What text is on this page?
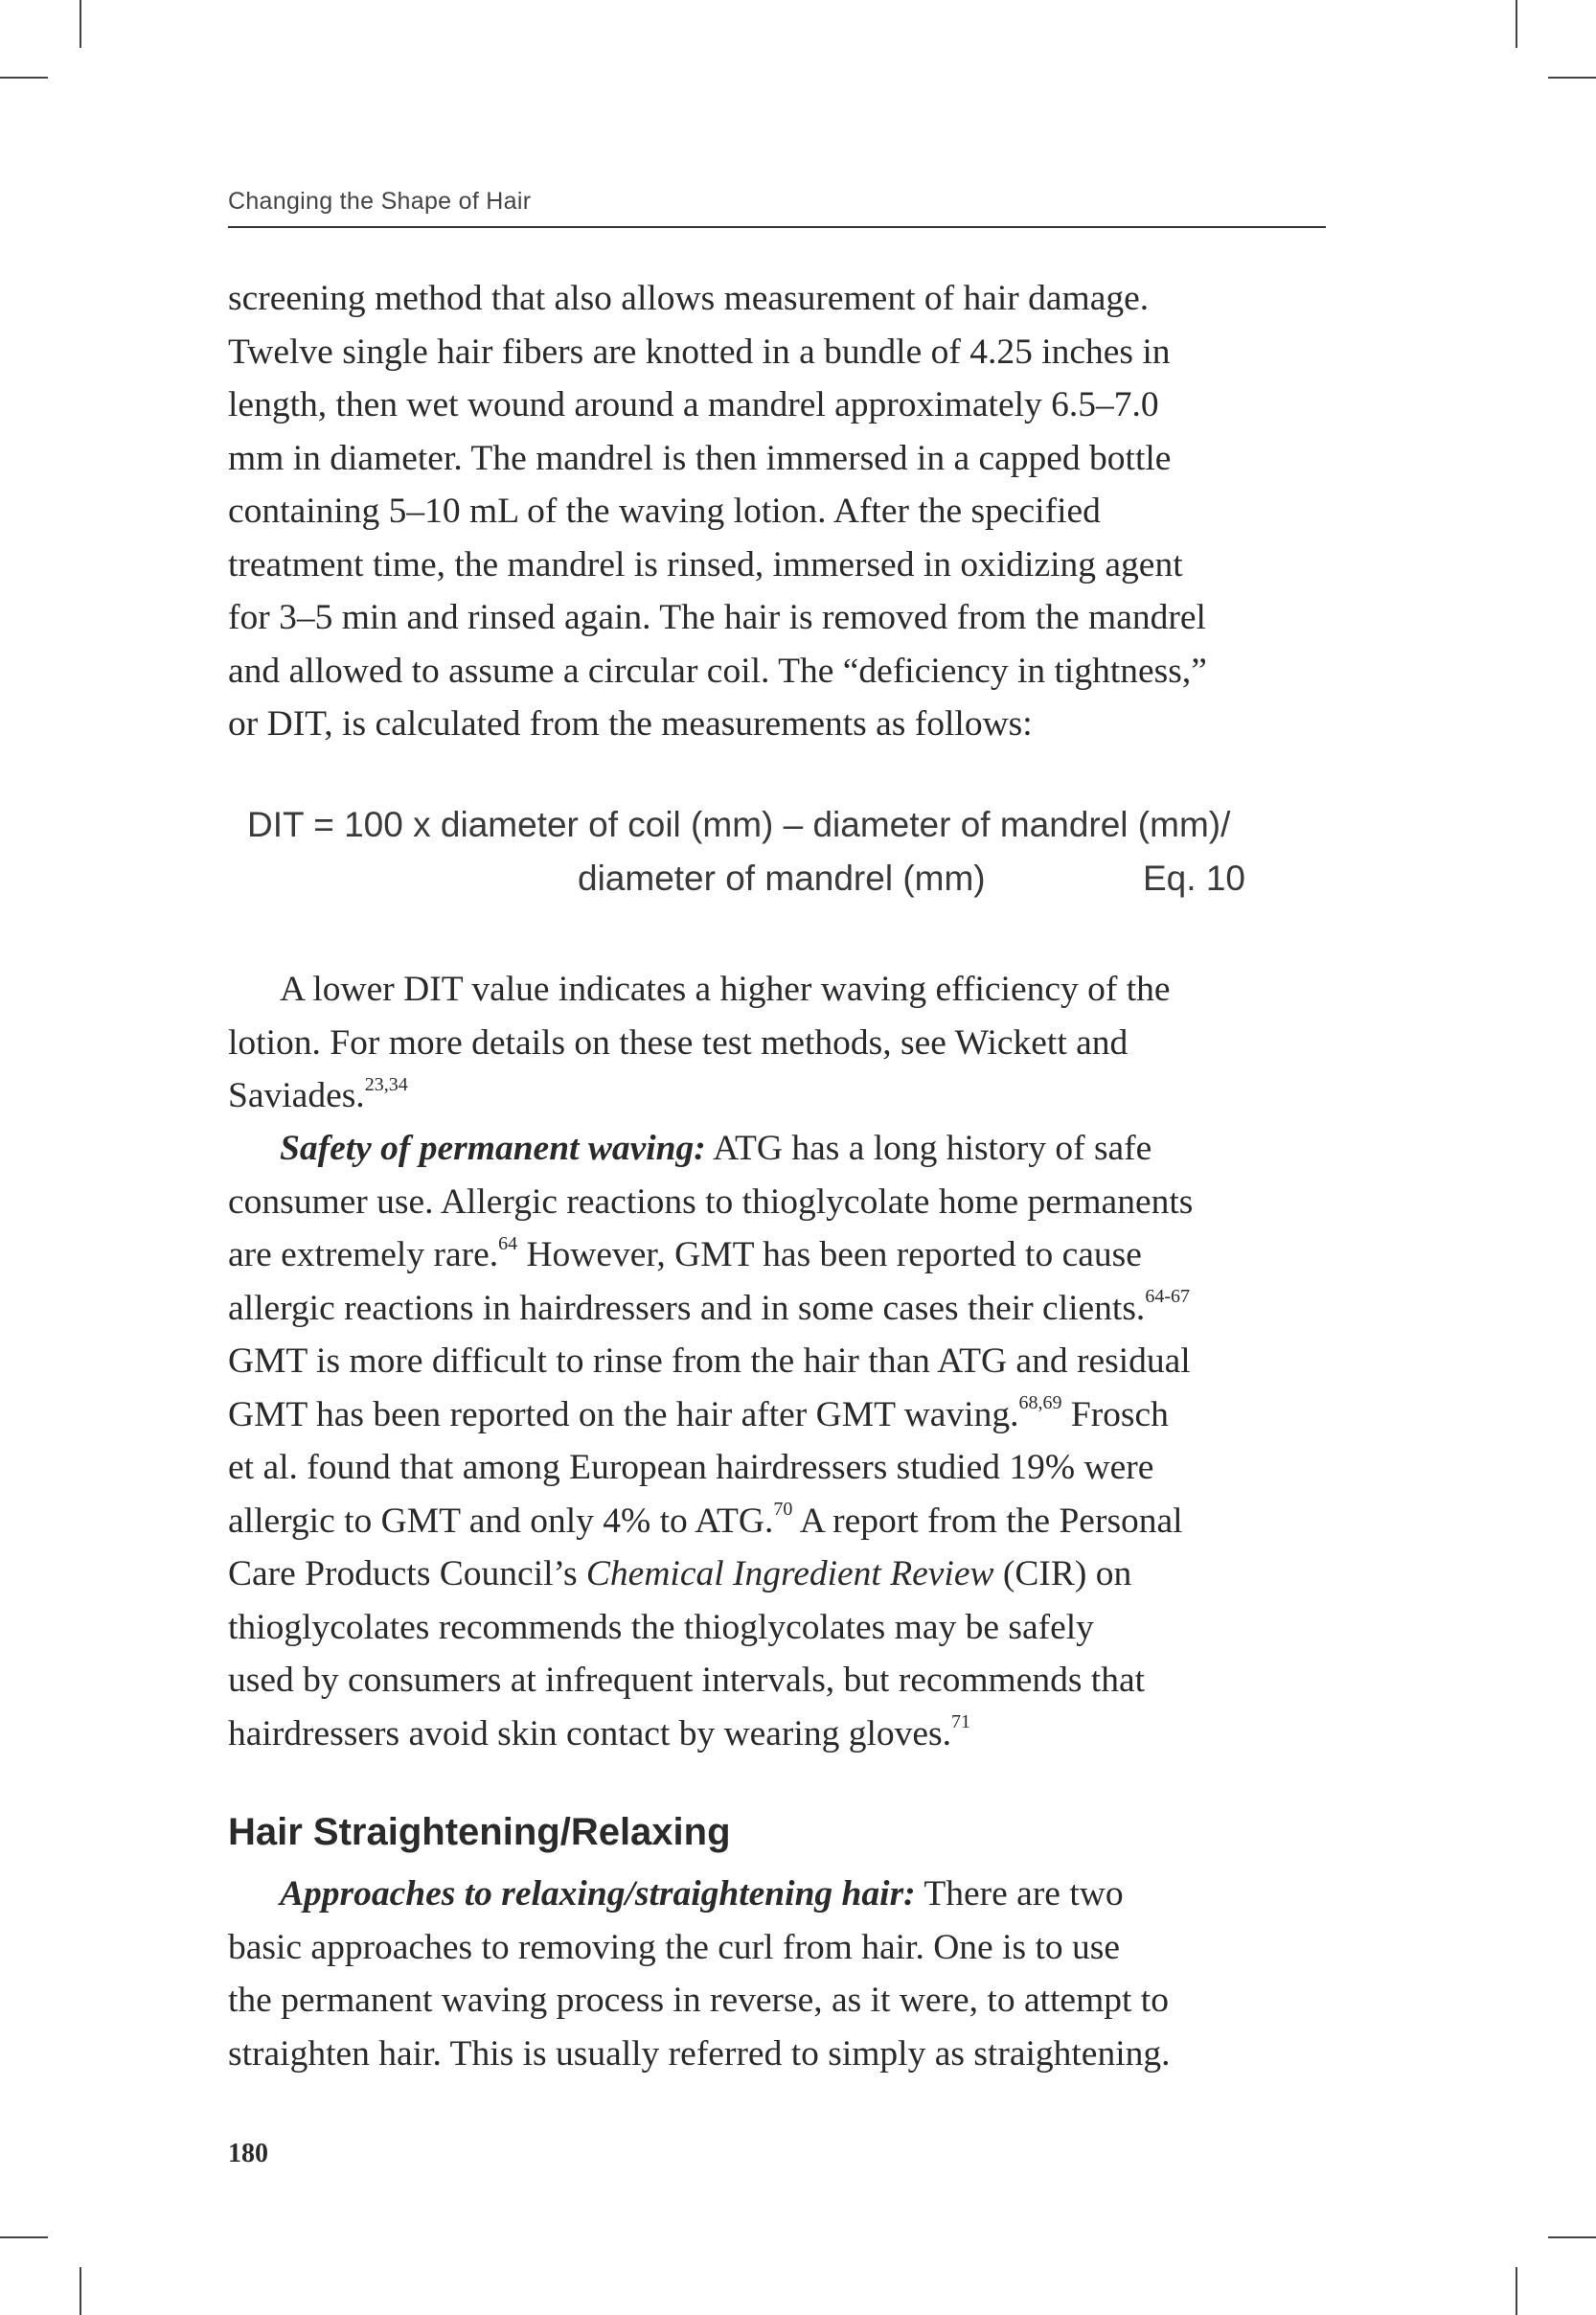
Changing the Shape of Hair

screening method that also allows measurement of hair damage.
Twelve single hair fibers are knotted in a bundle of 4.25 inches in
length, then wet wound around a mandrel approximately 6.5–7.0
mm in diameter. The mandrel is then immersed in a capped bottle
containing 5–10 mL of the waving lotion. After the specified
treatment time, the mandrel is rinsed, immersed in oxidizing agent
for 3–5 min and rinsed again. The hair is removed from the mandrel
and allowed to assume a circular coil. The “deficiency in tightness,”
or DIT, is calculated from the measurements as follows:

DIT = 100 x diameter of coil (mm) – diameter of mandrel (mm)/
diameter of mandrel (mm)	Eq. 10

A lower DIT value indicates a higher waving efficiency of the
lotion. For more details on these test methods, see Wickett and
Saviades.$^{23,34}$

Safety of permanent waving: ATG has a long history of safe
consumer use. Allergic reactions to thioglycolate home permanents
are extremely rare.$^{64}$ However, GMT has been reported to cause
allergic reactions in hairdressers and in some cases their clients.$^{64-67}$
GMT is more difficult to rinse from the hair than ATG and residual
GMT has been reported on the hair after GMT waving.$^{68,69}$ Frosch
et al. found that among European hairdressers studied 19% were
allergic to GMT and only 4% to ATG.$^{70}$ A report from the Personal
Care Products Council’s Chemical Ingredient Review (CIR) on
thioglycolates recommends the thioglycolates may be safely
used by consumers at infrequent intervals, but recommends that
hairdressers avoid skin contact by wearing gloves.$^{71}$

Hair Straightening/Relaxing

Approaches to relaxing/straightening hair: There are two
basic approaches to removing the curl from hair. One is to use
the permanent waving process in reverse, as it were, to attempt to
straighten hair. This is usually referred to simply as straightening.

180
